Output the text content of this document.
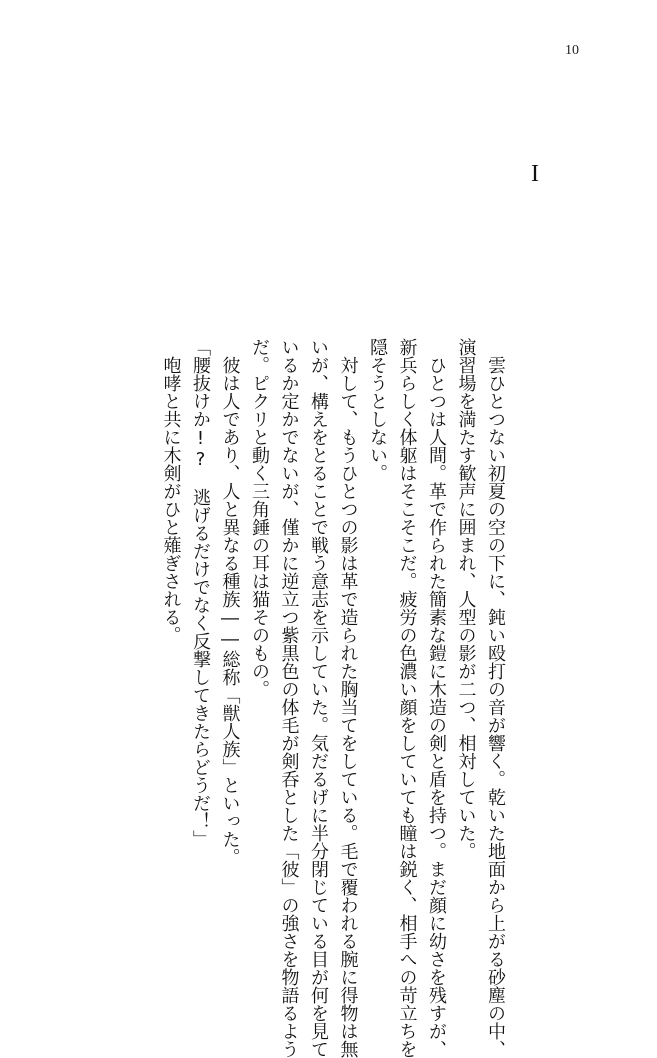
10
I

雲ひとつない初夏の空の下に、鈍い殴打の音が響く。乾いた地面から上がる砂塵の中、

演習場を満たす歓声に囲まれ、人型の影が二つ、相対していた。

ひとつは人間。革で作られた簡素な鎧に木造の剣と盾を持つ。まだ顔に幼さを残すが、

新兵らしく体躯はそこそこだ。疲労の色濃い顔をしていても瞳は鋭く、相手への苛立ちを

隠そうとしない。

対して、もうひとつの影は革で造られた胸当てをしている。毛で覆われる腕に得物は無

いが、構えをとることで戦う意志を示していた。気だるげに半分閉じている目が何を見て

いるか定かでないが、僅かに逆立つ紫黒色の体毛が剣呑とした「彼」の強さを物語るよう

だ。ピクリと動く三角錘の耳は猫そのもの。

彼は人であり、人と異なる種族――総称「獣人族」といった。

「腰抜けか!?　逃げるだけでなく反撃してきたらどうだ！」

咆哮と共に木剣がひと薙ぎされる。
